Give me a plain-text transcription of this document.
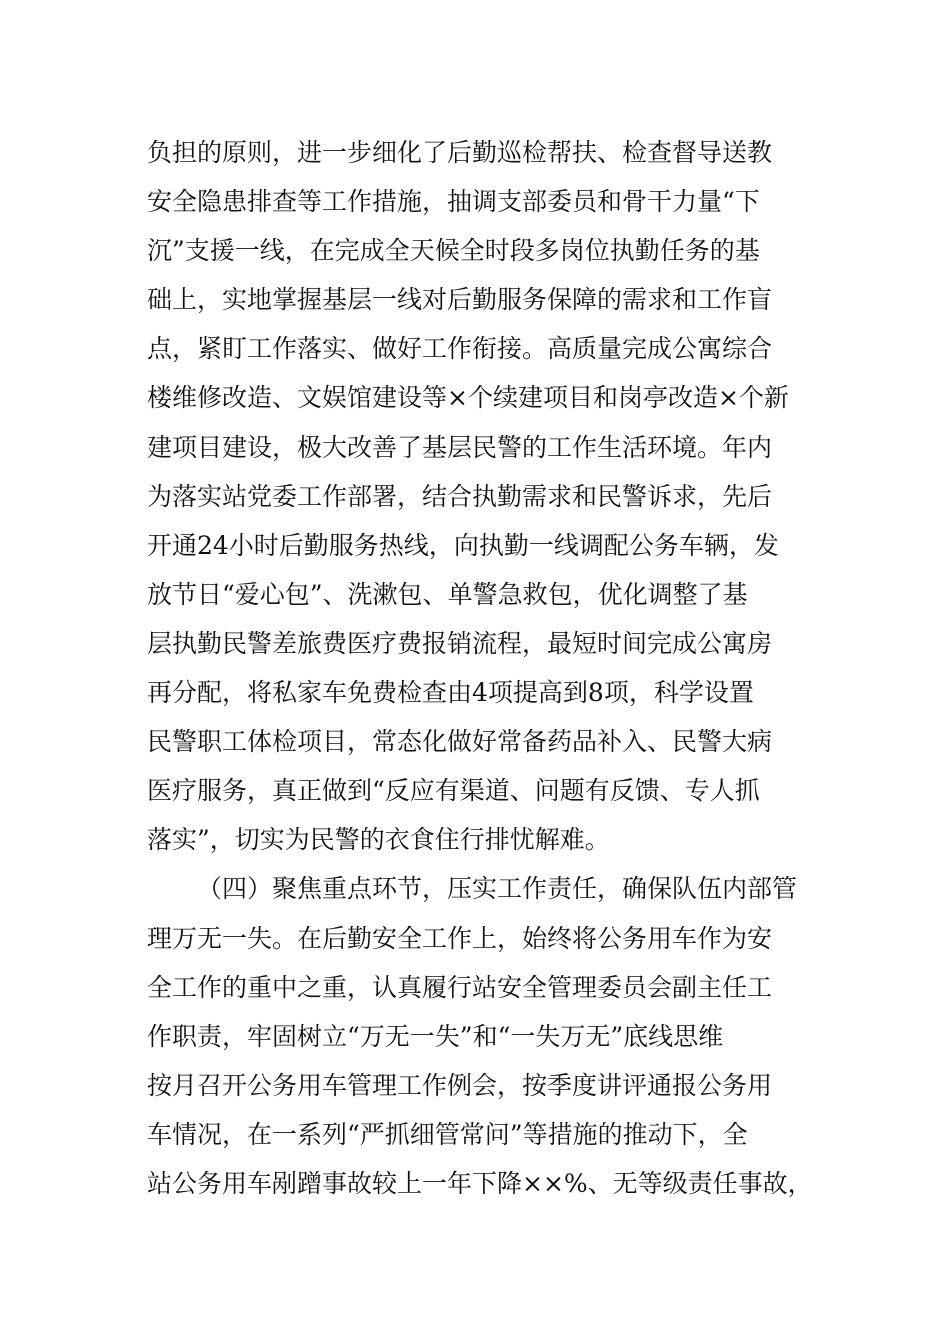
负担的原则，进一步细化了后勤巡检帮扶、检查督导送教
安全隐患排查等工作措施，抽调支部委员和骨干力量“下
沉”支援一线，在完成全天候全时段多岗位执勤任务的基
础上，实地掌握基层一线对后勤服务保障的需求和工作盲
点，紧盯工作落实、做好工作衔接。高质量完成公寓综合
楼维修改造、文娱馆建设等×个续建项目和岗亭改造×个新
建项目建设，极大改善了基层民警的工作生活环境。年内
为落实站党委工作部署，结合执勤需求和民警诉求，先后
开通24小时后勤服务热线，向执勤一线调配公务车辆，发
放节日“爱心包”、洗漱包、单警急救包，优化调整了基
层执勤民警差旅费医疗费报销流程，最短时间完成公寓房
再分配，将私家车免费检查由4项提高到8项，科学设置
民警职工体检项目，常态化做好常备药品补入、民警大病
医疗服务，真正做到“反应有渠道、问题有反馈、专人抓
落实”，切实为民警的衣食住行排忧解难。
（四）聚焦重点环节，压实工作责任，确保队伍内部管
理万无一失。在后勤安全工作上，始终将公务用车作为安
全工作的重中之重，认真履行站安全管理委员会副主任工
作职责，牢固树立“万无一失”和“一失万无”底线思维
按月召开公务用车管理工作例会，按季度讲评通报公务用
车情况，在一系列“严抓细管常问”等措施的推动下，全
站公务用车剐蹭事故较上一年下降××%、无等级责任事故，
